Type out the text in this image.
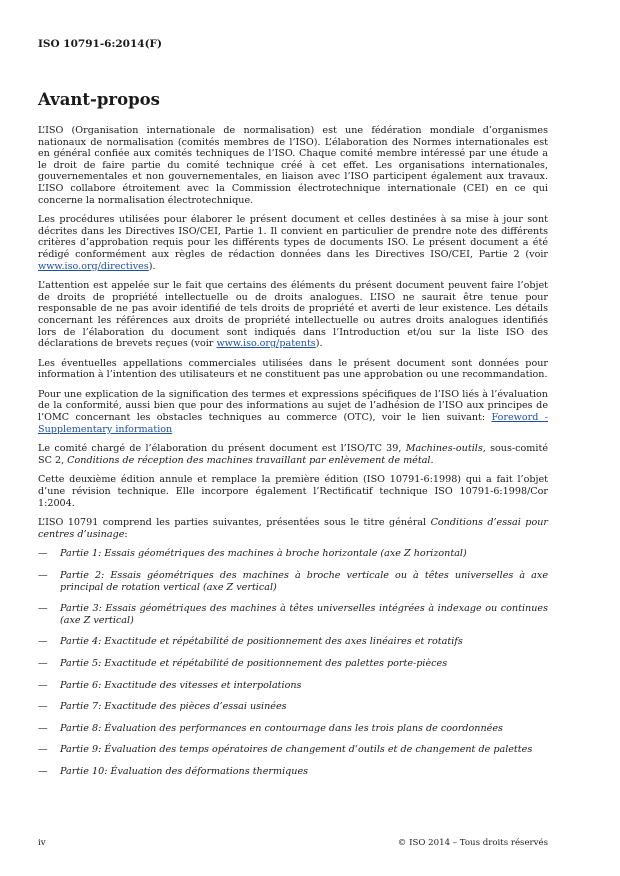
ISO 10791-6:2014(F)
Avant-propos

L’ISO (Organisation internationale de normalisation) est une fédération mondiale d’organismes nationaux de normalisation (comités membres de l’ISO). L’élaboration des Normes internationales est en général confiée aux comités techniques de l’ISO. Chaque comité membre intéressé par une étude a le droit de faire partie du comité technique créé à cet effet. Les organisations internationales, gouvernementales et non gouvernementales, en liaison avec l’ISO participent également aux travaux. L’ISO collabore étroitement avec la Commission électrotechnique internationale (CEI) en ce qui concerne la normalisation électrotechnique.

Les procédures utilisées pour élaborer le présent document et celles destinées à sa mise à jour sont décrites dans les Directives ISO/CEI, Partie 1. Il convient en particulier de prendre note des différents critères d’approbation requis pour les différents types de documents ISO. Le présent document a été rédigé conformément aux règles de rédaction données dans les Directives ISO/CEI, Partie 2 (voir www.iso.org/directives).

L’attention est appelée sur le fait que certains des éléments du présent document peuvent faire l’objet de droits de propriété intellectuelle ou de droits analogues. L’ISO ne saurait être tenue pour responsable de ne pas avoir identifié de tels droits de propriété et averti de leur existence. Les détails concernant les références aux droits de propriété intellectuelle ou autres droits analogues identifiés lors de l’élaboration du document sont indiqués dans l’Introduction et/ou sur la liste ISO des déclarations de brevets reçues (voir www.iso.org/patents).

Les éventuelles appellations commerciales utilisées dans le présent document sont données pour information à l’intention des utilisateurs et ne constituent pas une approbation ou une recommandation.

Pour une explication de la signification des termes et expressions spécifiques de l’ISO liés à l’évaluation de la conformité, aussi bien que pour des informations au sujet de l’adhésion de l’ISO aux principes de l’OMC concernant les obstacles techniques au commerce (OTC), voir le lien suivant: Foreword - Supplementary information

Le comité chargé de l’élaboration du présent document est l’ISO/TC 39, Machines-outils, sous-comité SC 2, Conditions de réception des machines travaillant par enlèvement de métal.

Cette deuxième édition annule et remplace la première édition (ISO 10791-6:1998) qui a fait l’objet d’une révision technique. Elle incorpore également l’Rectificatif technique ISO 10791-6:1998/Cor 1:2004.

L’ISO 10791 comprend les parties suivantes, présentées sous le titre général Conditions d’essai pour centres d’usinage:

— Partie 1: Essais géométriques des machines à broche horizontale (axe Z horizontal)
— Partie 2: Essais géométriques des machines à broche verticale ou à têtes universelles à axe principal de rotation vertical (axe Z vertical)
— Partie 3: Essais géométriques des machines à têtes universelles intégrées à indexage ou continues (axe Z vertical)
— Partie 4: Exactitude et répétabilité de positionnement des axes linéaires et rotatifs
— Partie 5: Exactitude et répétabilité de positionnement des palettes porte-pièces
— Partie 6: Exactitude des vitesses et interpolations
— Partie 7: Exactitude des pièces d’essai usinées
— Partie 8: Évaluation des performances en contournage dans les trois plans de coordonnées
— Partie 9: Évaluation des temps opératoires de changement d’outils et de changement de palettes
— Partie 10: Évaluation des déformations thermiques
iv	© ISO 2014 – Tous droits réservés
